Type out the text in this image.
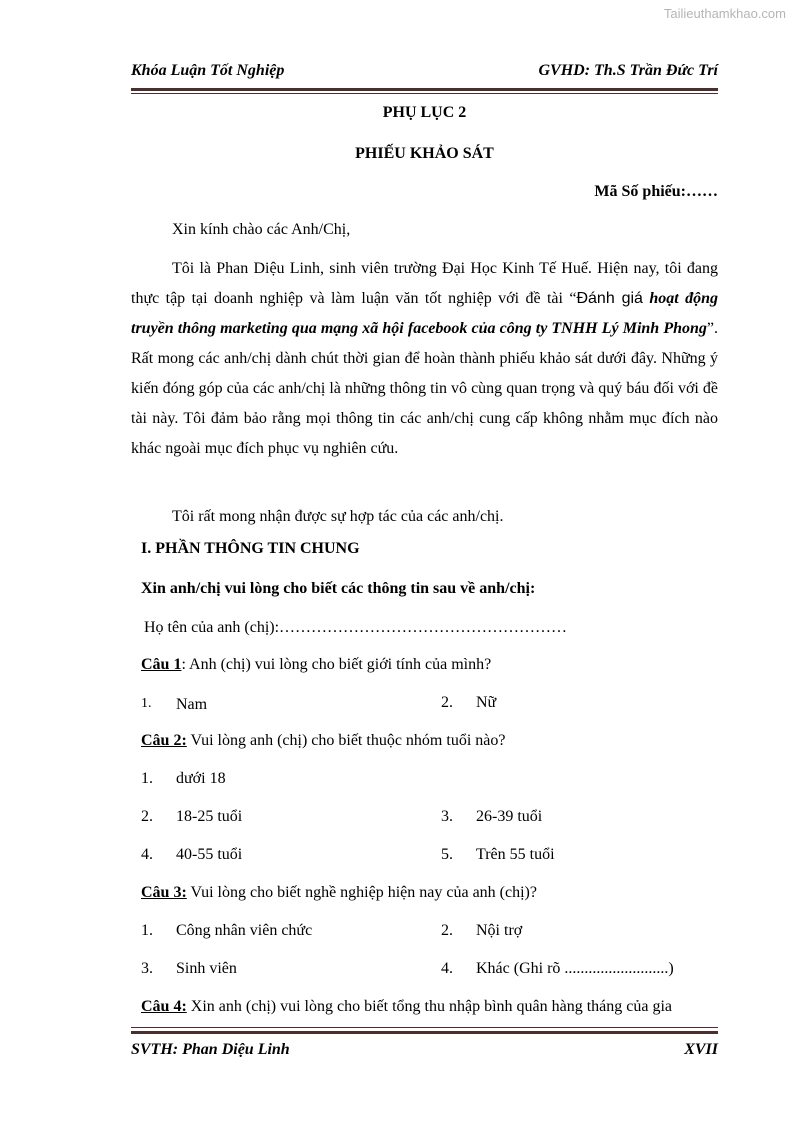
Tailieuthamkhao.com
Khóa Luận Tốt Nghiệp	GVHD: Th.S Trần Đức Trí
PHỤ LỤC 2
PHIẾU KHẢO SÁT
Mã Số phiếu:……

Xin kính chào các Anh/Chị,

Tôi là Phan Diệu Linh, sinh viên trường Đại Học Kinh Tế Huế. Hiện nay, tôi đang thực tập tại doanh nghiệp và làm luận văn tốt nghiệp với đề tài “Đánh giá hoạt động truyền thông marketing qua mạng xã hội facebook của công ty TNHH Lý Minh Phong”. Rất mong các anh/chị dành chút thời gian để hoàn thành phiếu khảo sát dưới đây. Những ý kiến đóng góp của các anh/chị là những thông tin vô cùng quan trọng và quý báu đối với đề tài này. Tôi đảm bảo rằng mọi thông tin các anh/chị cung cấp không nhằm mục đích nào khác ngoài mục đích phục vụ nghiên cứu.

Tôi rất mong nhận được sự hợp tác của các anh/chị.

I. PHẦN THÔNG TIN CHUNG
Xin anh/chị vui lòng cho biết các thông tin sau về anh/chị:
Họ tên của anh (chị):………………………………………………
Câu 1: Anh (chị) vui lòng cho biết giới tính của mình?
1.	Nam	2.	Nữ
Câu 2: Vui lòng anh (chị) cho biết thuộc nhóm tuổi nào?
1.	dưới 18
2.	18-25 tuổi	3.	26-39 tuổi
4.	40-55 tuổi	5.	Trên 55 tuổi
Câu 3: Vui lòng cho biết nghề nghiệp hiện nay của anh (chị)?
1.	Công nhân viên chức	2.	Nội trợ
3.	Sinh viên	4.	Khác (Ghi rõ ..........................)
Câu 4: Xin anh (chị) vui lòng cho biết tổng thu nhập bình quân hàng tháng của gia
SVTH: Phan Diệu Linh	XVII
